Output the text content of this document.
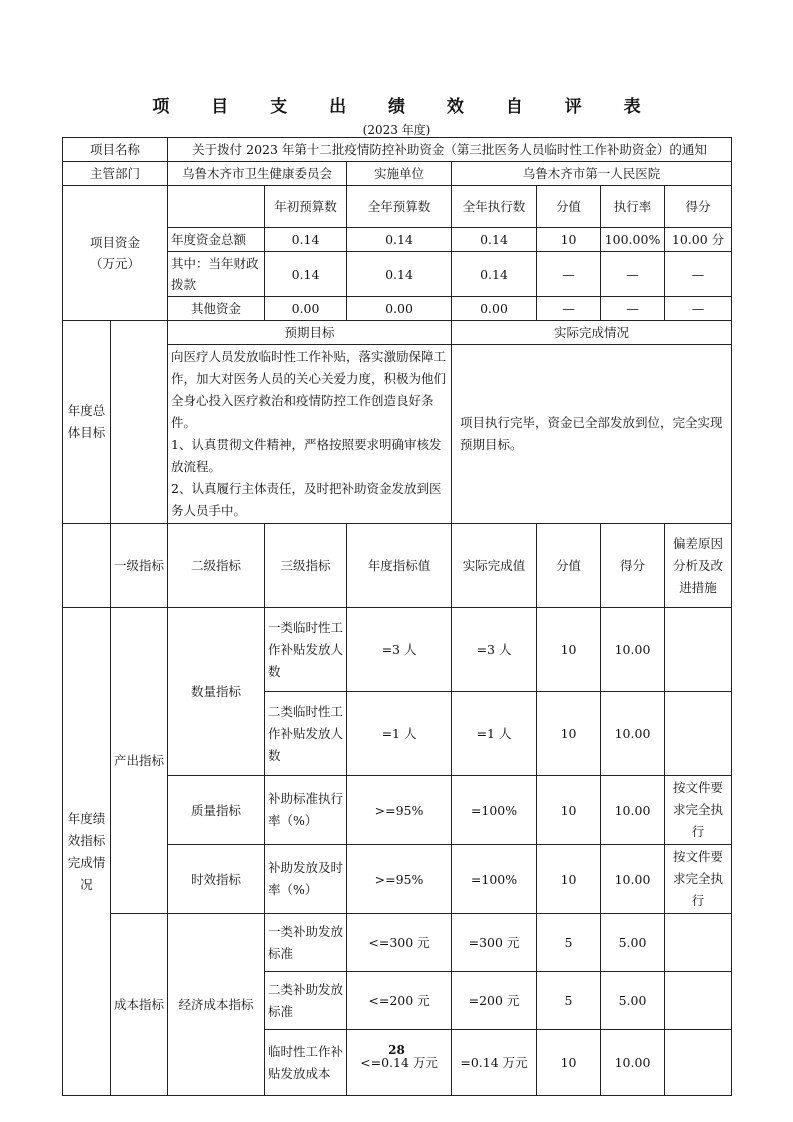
项 目 支 出 绩 效 自 评 表
(2023 年度)
项目名称		关于拨付 2023 年第十二批疫情防控补助资金（第三批医务人员临时性工作补助资金）的通知						
主管部门		乌鲁木齐市卫生健康委员会		实施单位	乌鲁木齐市第一人民医院			

项目资金
（万元）			年初预算数	全年预算数	全年执行数	分值	执行率	得分
		年度资金总额	0.14	0.14	0.14	10	100.00%	10.00 分
		其中：当年财政拨款	0.14	0.14	0.14	—	—	—
		其他资金	0.00	0.00	0.00	—	—	—
年度总体目标		预期目标			实际完成情况			
		向医疗人员发放临时性工作补贴，落实激励保障工作，加大对医务人员的关心关爱力度，积极为他们全身心投入医疗救治和疫情防控工作创造良好条件。
1、认真贯彻文件精神，严格按照要求明确审核发放流程。
2、认真履行主体责任，及时把补助资金发放到医务人员手中。			项目执行完毕，资金已全部发放到位，完全实现预期目标。			
	一级指标	二级指标	三级指标	年度指标值	实际完成值	分值	得分	偏差原因分析及改进措施
年度绩效指标完成情况	产出指标	数量指标	一类临时性工作补贴发放人数	=3 人	=3 人	10	10.00	
			二类临时性工作补贴发放人数	=1 人	=1 人	10	10.00	
		质量指标	补助标准执行率（%）	>=95%	=100%	10	10.00	按文件要求完全执行
		时效指标	补助发放及时率（%）	>=95%	=100%	10	10.00	按文件要求完全执行
	成本指标	经济成本指标	一类补助发放标准	<=300 元	=300 元	5	5.00	
			二类补助发放标准	<=200 元	=200 元	5	5.00	
			临时性工作补贴发放成本	<=0.14 万元	=0.14 万元	10	10.00	
28
